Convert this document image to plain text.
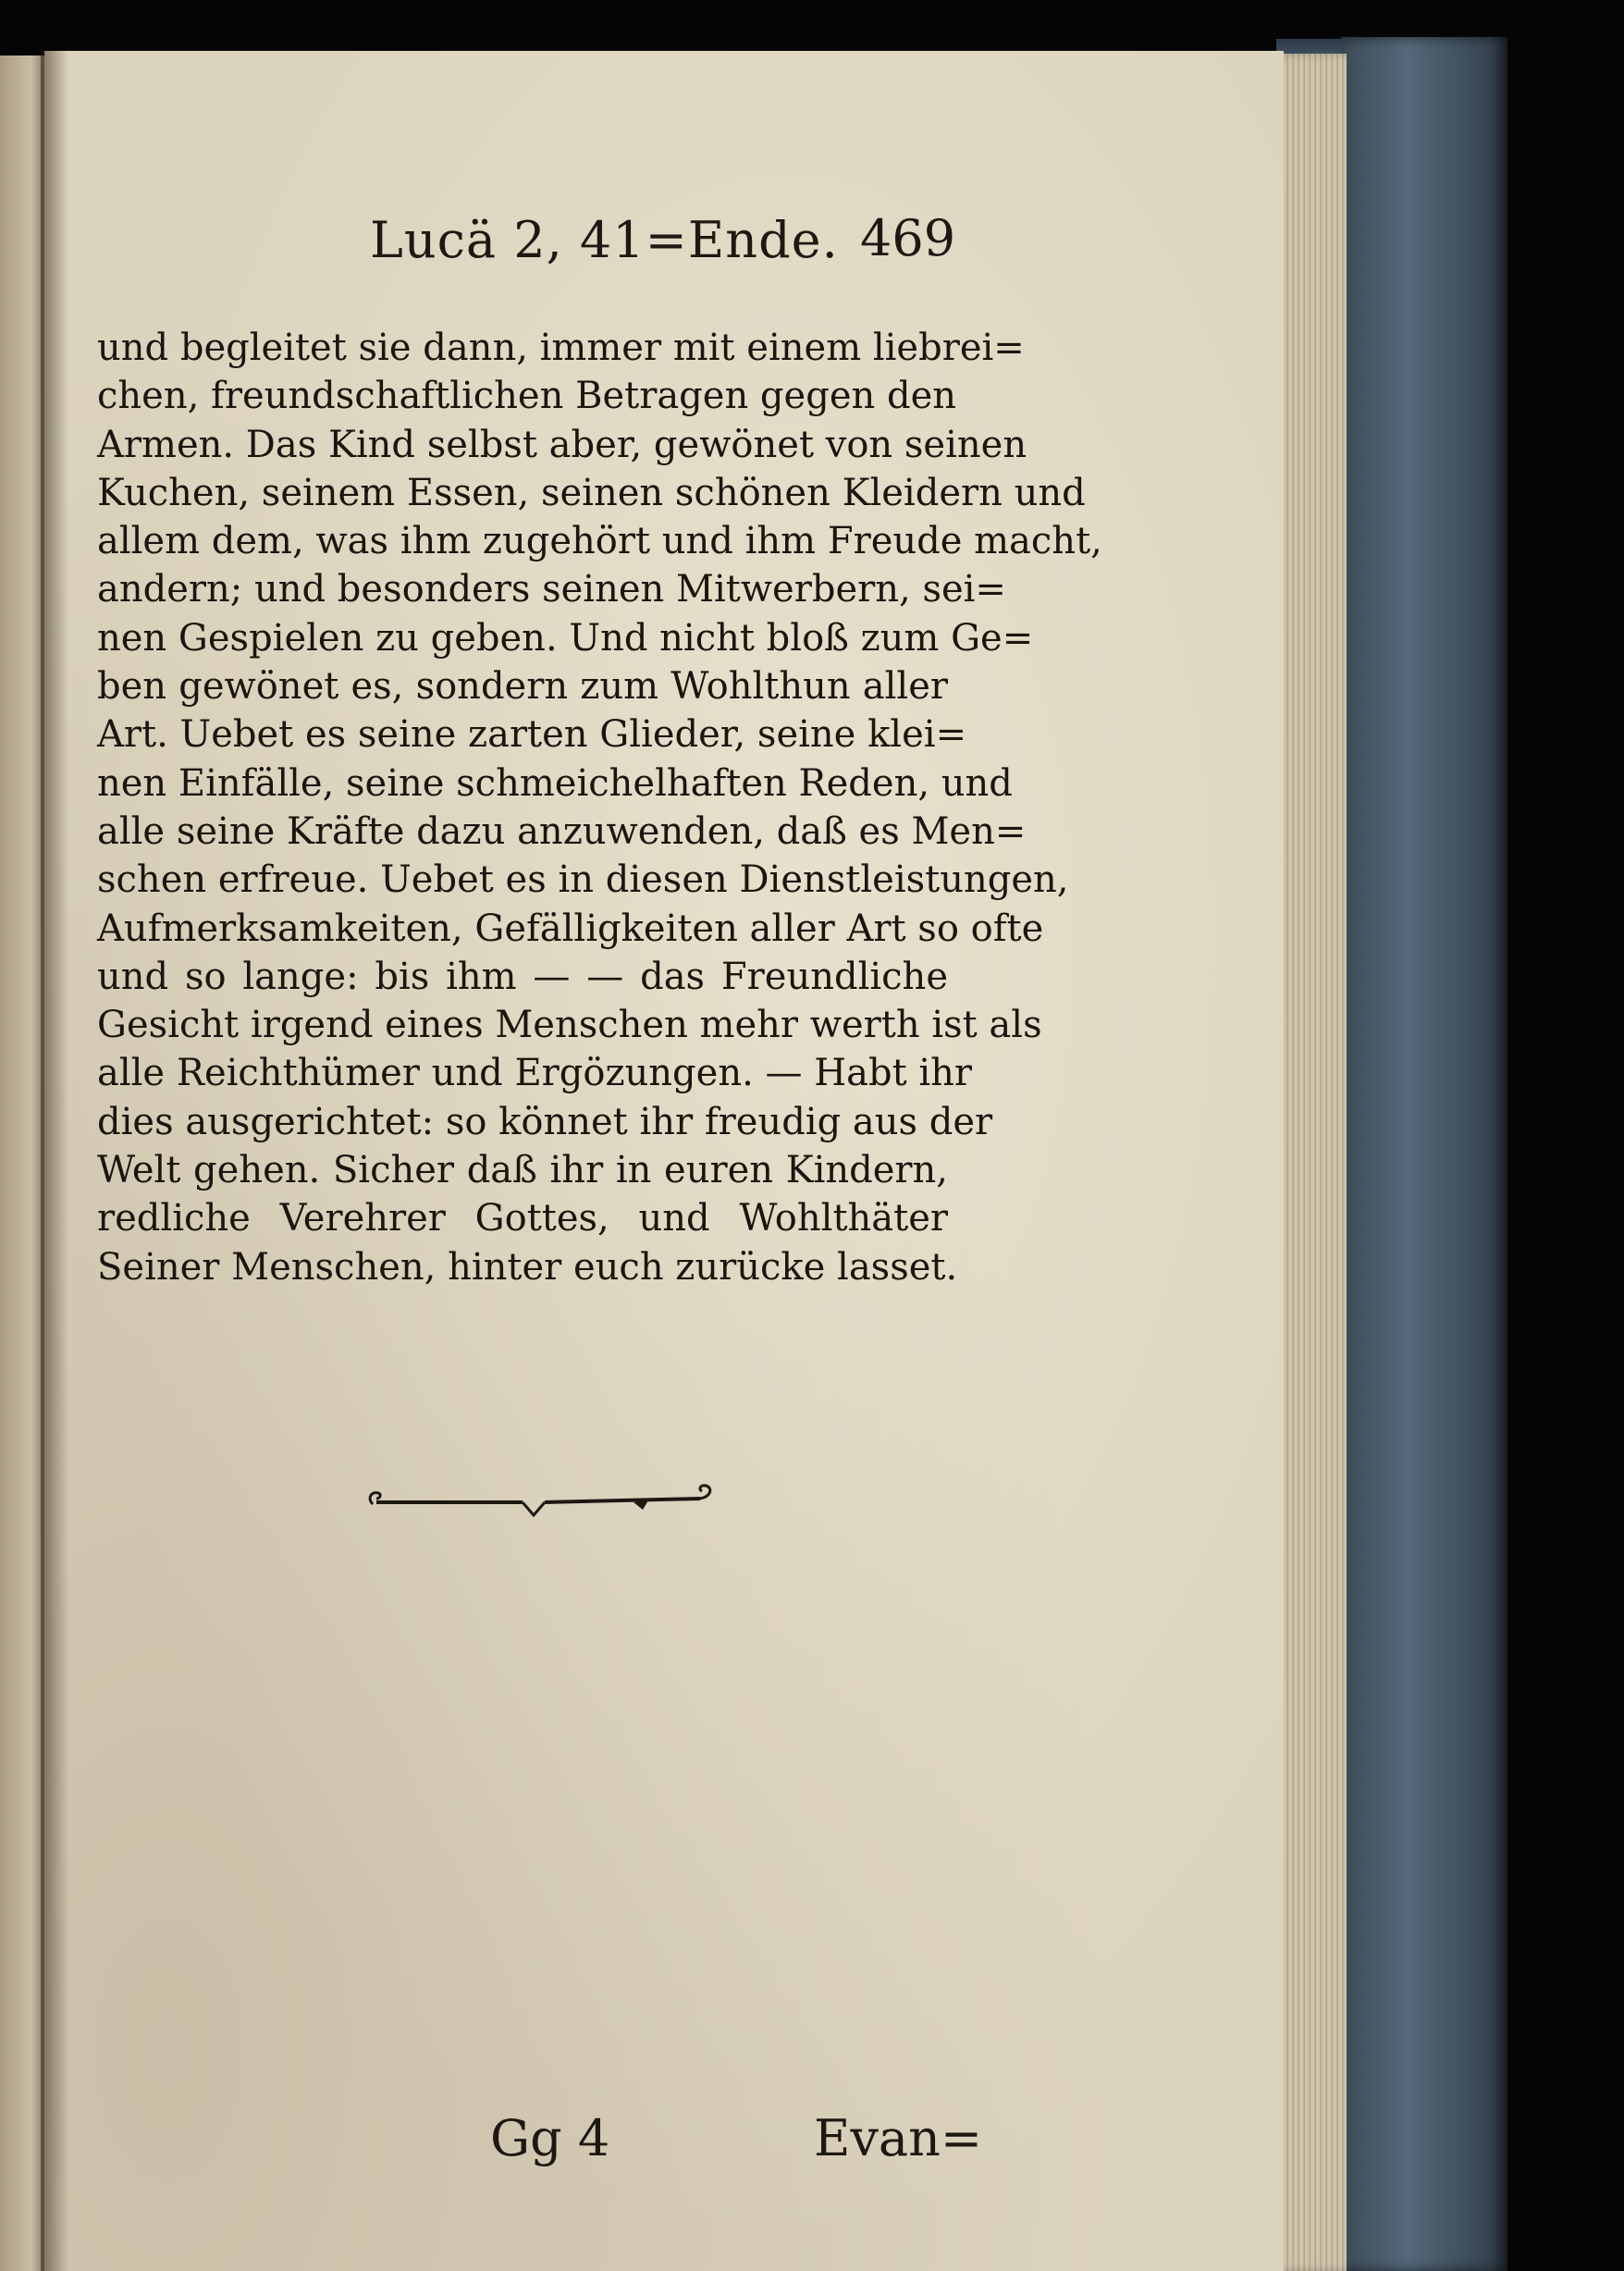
Lucä 2, 41=Ende. 469
und begleitet sie dann, immer mit einem liebrei=
chen, freundschaftlichen Betragen gegen den
Armen. Das Kind selbst aber, gewönet von seinen
Kuchen, seinem Essen, seinen schönen Kleidern und
allem dem, was ihm zugehört und ihm Freude macht,
andern; und besonders seinen Mitwerbern, sei=
nen Gespielen zu geben. Und nicht bloß zum Ge=
ben gewönet es, sondern zum Wohlthun aller
Art. Uebet es seine zarten Glieder, seine klei=
nen Einfälle, seine schmeichelhaften Reden, und
alle seine Kräfte dazu anzuwenden, daß es Men=
schen erfreue. Uebet es in diesen Dienstleistungen,
Aufmerksamkeiten, Gefälligkeiten aller Art so ofte
und so lange: bis ihm — — das Freundliche
Gesicht irgend eines Menschen mehr werth ist als
alle Reichthümer und Ergözungen. — Habt ihr
dies ausgerichtet: so könnet ihr freudig aus der
Welt gehen. Sicher daß ihr in euren Kindern,
redliche Verehrer Gottes, und Wohlthäter
Seiner Menschen, hinter euch zurücke lasset.
Gg 4	Evan=
